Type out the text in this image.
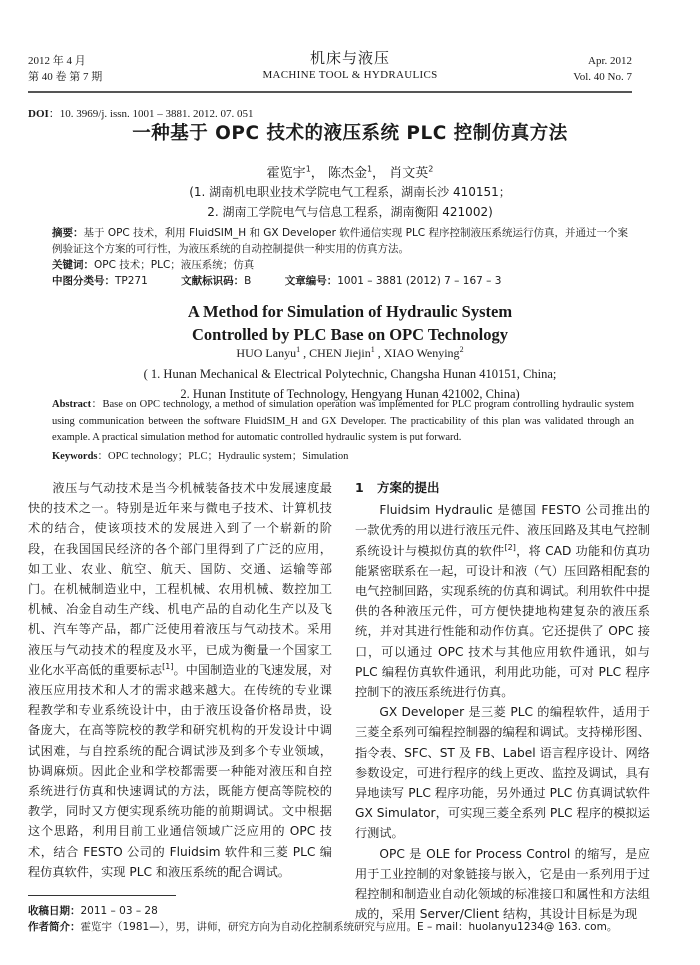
2012 年 4 月
第 40 卷 第 7 期
机床与液压
MACHINE TOOL & HYDRAULICS
Apr. 2012
Vol. 40 No. 7
DOI：10. 3969/j. issn. 1001 – 3881. 2012. 07. 051
一种基于 OPC 技术的液压系统 PLC 控制仿真方法
霍览宇$^1$， 陈杰金$^1$， 肖文英$^2$
(1. 湖南机电职业技术学院电气工程系，湖南长沙 410151；
2. 湖南工学院电气与信息工程系，湖南衡阳 421002)
摘要：基于 OPC 技术，利用 FluidSIM_H 和 GX Developer 软件通信实现 PLC 程序控制液压系统运行仿真，并通过一个案例验证这个方案的可行性，为液压系统的自动控制提供一种实用的仿真方法。
关键词：OPC 技术；PLC；液压系统；仿真
中图分类号：TP271	文献标识码：B	文章编号：1001 – 3881 (2012) 7 – 167 – 3
A Method for Simulation of Hydraulic System
Controlled by PLC Base on OPC Technology
HUO Lanyu$^1$ , CHEN Jiejin$^1$ , XIAO Wenying$^2$
( 1. Hunan Mechanical & Electrical Polytechnic, Changsha Hunan 410151, China;
2. Hunan Institute of Technology, Hengyang Hunan 421002, China)
Abstract：Base on OPC technology, a method of simulation operation was implemented for PLC program controlling hydraulic system using communication between the software FluidSIM_H and GX Developer. The practicability of this plan was validated through an example. A practical simulation method for automatic controlled hydraulic system is put forward.
Keywords：OPC technology；PLC；Hydraulic system；Simulation

液压与气动技术是当今机械装备技术中发展速度最快的技术之一。特别是近年来与微电子技术、计算机技术的结合，使该项技术的发展进入到了一个崭新的阶段，在我国国民经济的各个部门里得到了广泛的应用，如工业、农业、航空、航天、国防、交通、运输等部门。在机械制造业中，工程机械、农用机械、数控加工机械、冶金自动生产线、机电产品的自动化生产以及飞机、汽车等产品，都广泛使用着液压与气动技术。采用液压与气动技术的程度及水平，已成为衡量一个国家工业化水平高低的重要标志[1]。中国制造业的飞速发展，对液压应用技术和人才的需求越来越大。在传统的专业课程教学和专业系统设计中，由于液压设备价格昂贵，设备庞大，在高等院校的教学和研究机构的开发设计中调试困难，与自控系统的配合调试涉及到多个专业领域，协调麻烦。因此企业和学校都需要一种能对液压和自控系统进行仿真和快速调试的方法，既能方便高等院校的教学，同时又方便实现系统功能的前期调试。文中根据这个思路，利用目前工业通信领域广泛应用的 OPC 技术，结合 FESTO 公司的 Fluidsim 软件和三菱 PLC 编程仿真软件，实现 PLC 和液压系统的配合调试。

1 方案的提出

Fluidsim Hydraulic 是德国 FESTO 公司推出的一款优秀的用以进行液压元件、液压回路及其电气控制系统设计与模拟仿真的软件[2]，将 CAD 功能和仿真功能紧密联系在一起，可设计和液（气）压回路相配套的电气控制回路，实现系统的仿真和调试。利用软件中提供的各种液压元件，可方便快捷地构建复杂的液压系统，并对其进行性能和动作仿真。它还提供了 OPC 接口，可以通过 OPC 技术与其他应用软件通讯，如与 PLC 编程仿真软件通讯，利用此功能，可对 PLC 程序控制下的液压系统进行仿真。

GX Developer 是三菱 PLC 的编程软件，适用于三菱全系列可编程控制器的编程和调试。支持梯形图、指令表、SFC、ST 及 FB、Label 语言程序设计、网络参数设定，可进行程序的线上更改、监控及调试，具有异地读写 PLC 程序功能，另外通过 PLC 仿真调试软件 GX Simulator，可实现三菱全系列 PLC 程序的模拟运行测试。

OPC 是 OLE for Process Control 的缩写，是应用于工业控制的对象链接与嵌入，它是由一系列用于过程控制和制造业自动化领域的标准接口和属性和方法组成的，采用 Server/Client 结构，其设计目标是为现

收稿日期：2011 – 03 – 28
作者简介：霍览宇（1981—），男，讲师，研究方向为自动化控制系统研究与应用。E – mail：huolanyu1234@ 163. com。
